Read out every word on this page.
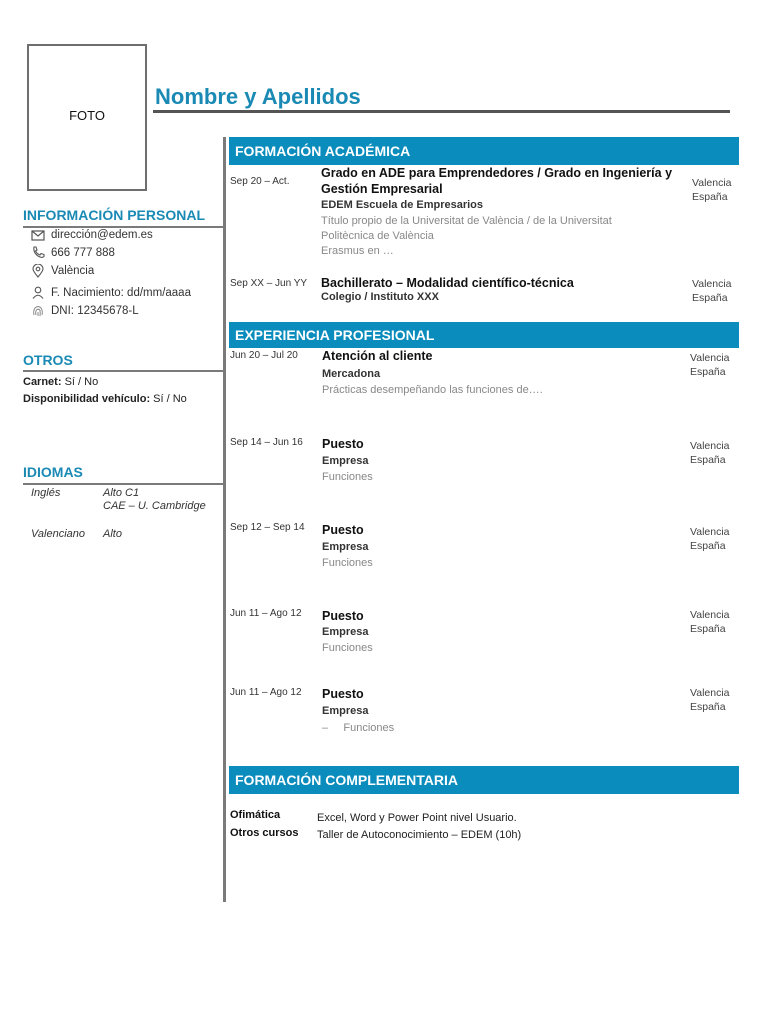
FOTO
Nombre y Apellidos
INFORMACIÓN PERSONAL
dirección@edem.es
666 777 888
València
F. Nacimiento: dd/mm/aaaa
DNI: 12345678-L
OTROS
Carnet: Sí / No
Disponibilidad vehículo: Sí / No
IDIOMAS
Inglés	Alto C1
CAE – U. Cambridge
Valenciano Alto
FORMACIÓN ACADÉMICA
Sep 20 – Act.
Grado en ADE para Emprendedores / Grado en Ingeniería y
Gestión Empresarial
EDEM Escuela de Empresarios
Título propio de la Universitat de València / de la Universitat
Politècnica de València
Erasmus en …
Valencia
España
Sep XX – Jun YY Bachillerato – Modalidad científico-técnica
Colegio / Instituto XXX
Valencia
España
EXPERIENCIA PROFESIONAL
Jun 20 – Jul 20 Atención al cliente
Mercadona
Prácticas desempeñando las funciones de….
Valencia
España
Sep 14 – Jun 16 Puesto
Empresa
Funciones
Valencia
España
Sep 12 – Sep 14 Puesto
Empresa
Funciones
Valencia
España
Jun 11 – Ago 12 Puesto
Empresa
Funciones
Valencia
España
Jun 11 – Ago 12 Puesto
Empresa
–     Funciones
Valencia
España
FORMACIÓN COMPLEMENTARIA
Ofimática	Excel, Word y Power Point nivel Usuario.
Otros cursos Taller de Autoconocimiento – EDEM (10h)
